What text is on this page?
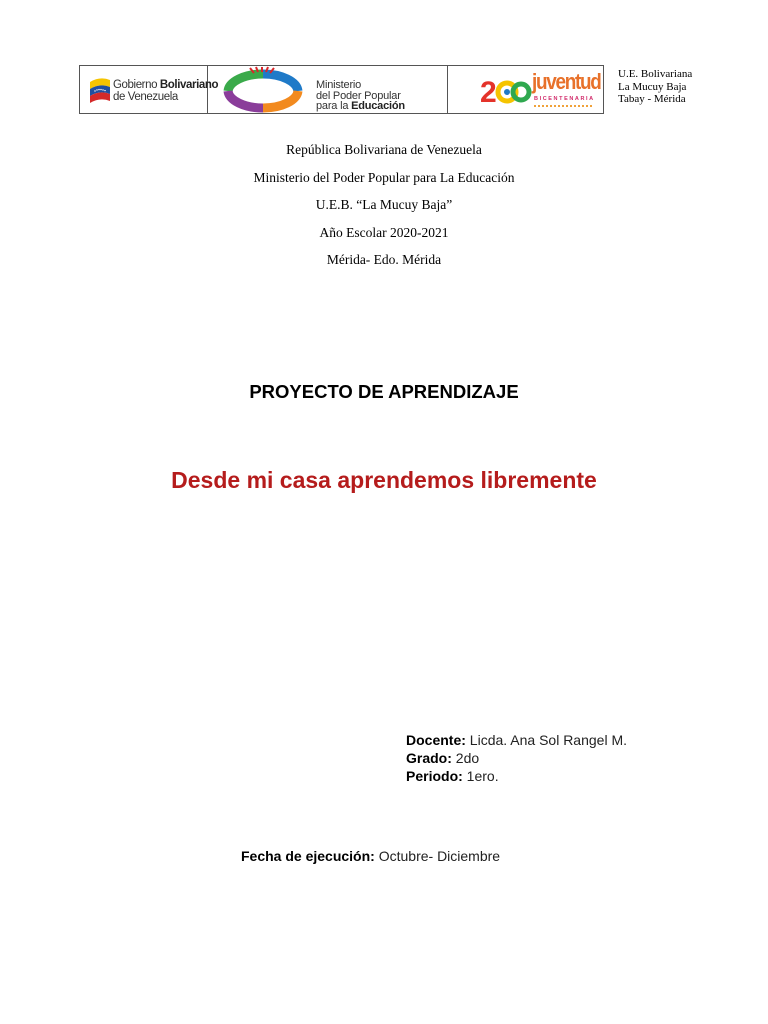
Gobierno Bolivariano
de Venezuela
Ministerio
del Poder Popular
para la Educación	2 juventud
BICENTENARIA
U.E. Bolivariana
La Mucuy Baja
Tabay - Mérida
República Bolivariana de Venezuela
Ministerio del Poder Popular para La Educación
U.E.B. “La Mucuy Baja”
Año Escolar 2020-2021
Mérida- Edo. Mérida
PROYECTO DE APRENDIZAJE
Desde mi casa aprendemos libremente
Docente: Licda. Ana Sol Rangel M.
Grado: 2do
Periodo: 1ero.
Fecha de ejecución: Octubre- Diciembre
